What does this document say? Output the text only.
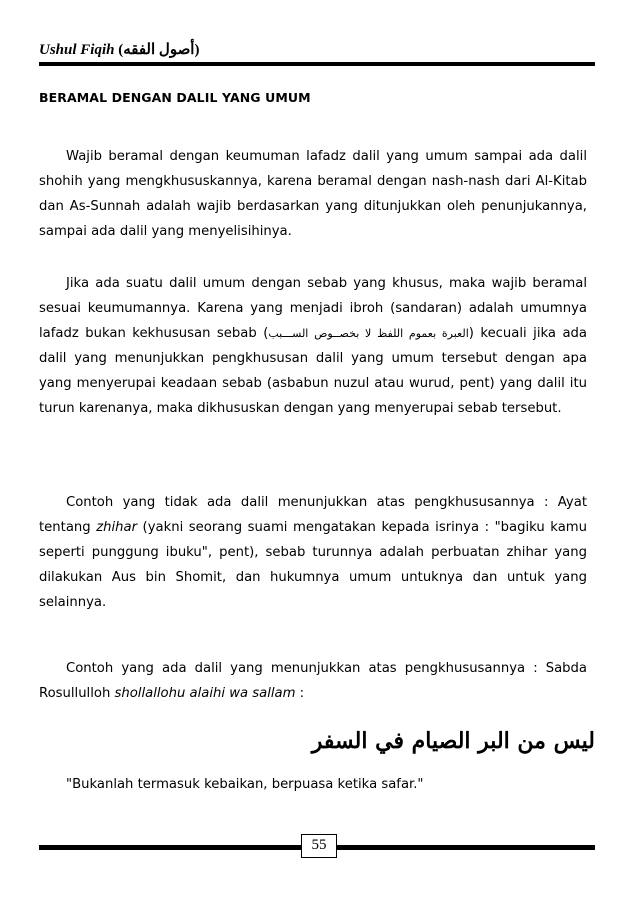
Ushul Fiqih (أصول الفقه)
BERAMAL DENGAN DALIL YANG UMUM

Wajib beramal dengan keumuman lafadz dalil yang umum sampai ada dalil shohih yang mengkhususkannya, karena beramal dengan nash-nash dari Al-Kitab dan As-Sunnah adalah wajib berdasarkan yang ditunjukkan oleh penunjukannya, sampai ada dalil yang menyelisihinya.

Jika ada suatu dalil umum dengan sebab yang khusus, maka wajib beramal sesuai keumumannya. Karena yang menjadi ibroh (sandaran) adalah umumnya lafadz bukan kekhususan sebab (العبرة بعموم اللفظ لا بخصــوص الســـبب) kecuali jika ada dalil yang menunjukkan pengkhususan dalil yang umum tersebut dengan apa yang menyerupai keadaan sebab (asbabun nuzul atau wurud, pent) yang dalil itu turun karenanya, maka dikhususkan dengan yang menyerupai sebab tersebut.

Contoh yang tidak ada dalil menunjukkan atas pengkhususannya : Ayat tentang zhihar (yakni seorang suami mengatakan kepada isrinya : "bagiku kamu seperti punggung ibuku", pent), sebab turunnya adalah perbuatan zhihar yang dilakukan Aus bin Shomit, dan hukumnya umum untuknya dan untuk yang selainnya.

Contoh yang ada dalil yang menunjukkan atas pengkhususannya : Sabda Rosullulloh shollallohu alaihi wa sallam :

ليس من البر الصيام في السفر
"Bukanlah termasuk kebaikan, berpuasa ketika safar."
55
